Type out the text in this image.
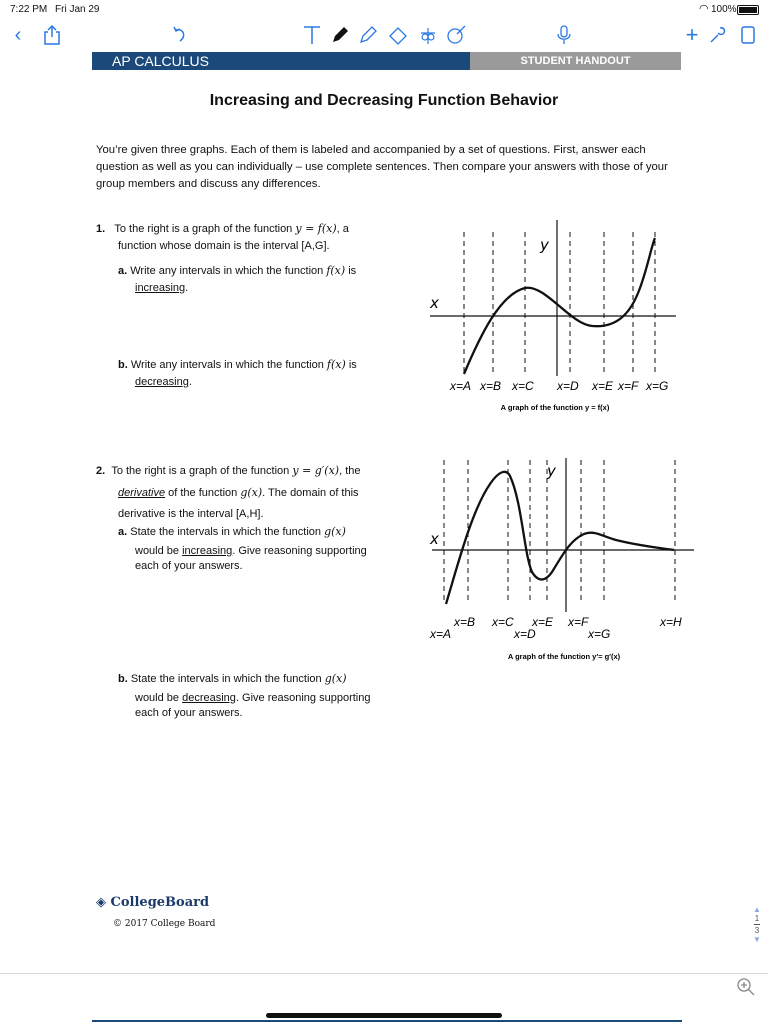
7:22 PM Fri Jan 29	◠ 100%
‹	+
AP CALCULUS	STUDENT HANDOUT
Increasing and Decreasing Function Behavior
You’re given three graphs. Each of them is labeled and accompanied by a set of questions. First, answer each question as well as you can individually – use complete sentences. Then compare your answers with those of your group members and discuss any differences.
1. To the right is a graph of the function y = f(x), a
function whose domain is the interval [A,G].
a. Write any intervals in which the function f(x) is
increasing.
b. Write any intervals in which the function f(x) is
decreasing.
y
x
x=A x=B x=C x=D x=E x=F x=G
A graph of the function y = f(x)
2. To the right is a graph of the function y = g′(x), the
derivative of the function g(x). The domain of this
derivative is the interval [A,H].
a. State the intervals in which the function g(x)
would be increasing. Give reasoning supporting
each of your answers.
b. State the intervals in which the function g(x)
would be decreasing. Give reasoning supporting
each of your answers.
y
x
x=B x=C x=E x=F	x=H
x=A	x=D	x=G
A graph of the function y′= g′(x)
◈ CollegeBoard
© 2017 College Board
▲
1
3
▼
